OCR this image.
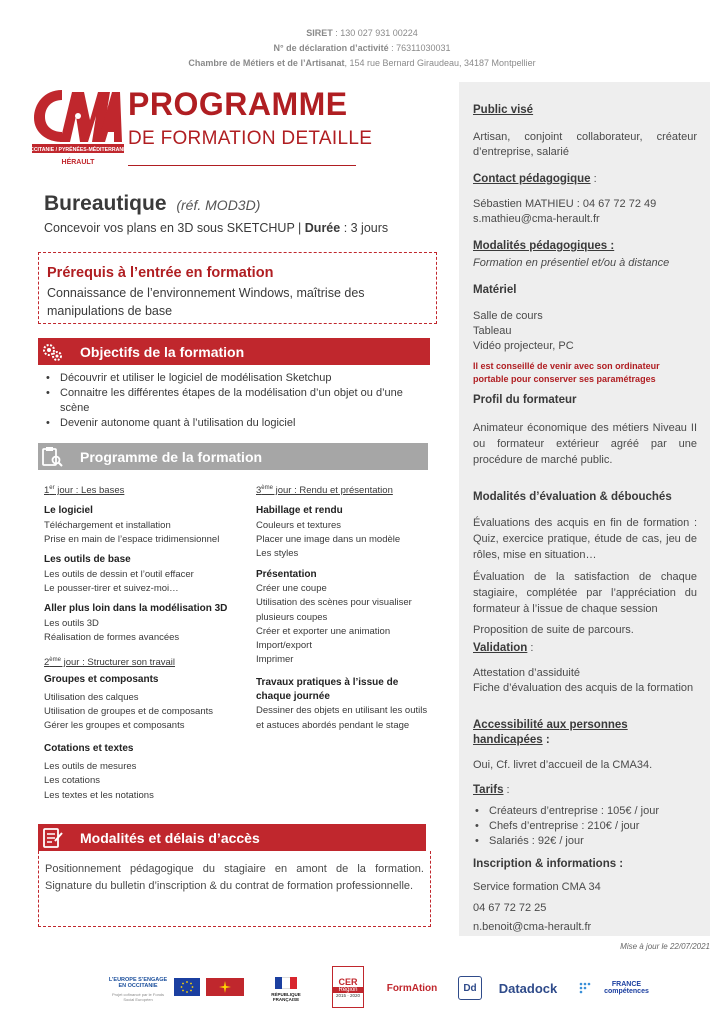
SIRET : 130 027 931 00224
N° de déclaration d’activité : 76311030031
Chambre de Métiers et de l’Artisanat, 154 rue Bernard Giraudeau, 34187 Montpellier
OCCITANIE / PYRÉNÉES-MÉDITERRANÉE
HÉRAULT
PROGRAMME
DE FORMATION DETAILLE
Bureautique (réf. MOD3D)
Concevoir vos plans en 3D sous SKETCHUP | Durée : 3 jours
Prérequis à l’entrée en formation

Connaissance de l’environnement Windows, maîtrise des manipulations de base

Objectifs de la formation
• Découvrir et utiliser le logiciel de modélisation Sketchup
• Connaitre les différentes étapes de la modélisation d’un objet ou d’une scène
• Devenir autonome quant à l’utilisation du logiciel
Programme de la formation
1er jour : Les bases
Le logiciel
Téléchargement et installation
Prise en main de l’espace tridimensionnel
Les outils de base
Les outils de dessin et l’outil effacer
Le pousser-tirer et suivez-moi…
Aller plus loin dans la modélisation 3D
Les outils 3D
Réalisation de formes avancées
2ème jour : Structurer son travail
Groupes et composants
Utilisation des calques
Utilisation de groupes et de composants
Gérer les groupes et composants
Cotations et textes
Les outils de mesures
Les cotations
Les textes et les notations
3ème jour : Rendu et présentation
Habillage et rendu
Couleurs et textures
Placer une image dans un modèle
Les styles
Présentation
Créer une coupe
Utilisation des scènes pour visualiser plusieurs coupes
Créer et exporter une animation
Import/export
Imprimer
Travaux pratiques à l’issue de chaque journée
Dessiner des objets en utilisant les outils et astuces abordés pendant le stage
Modalités et délais d’accès

Positionnement pédagogique du stagiaire en amont de la formation. Signature du bulletin d’inscription & du contrat de formation professionnelle.

Public visé
Artisan, conjoint collaborateur, créateur d’entreprise, salarié
Contact pédagogique :
Sébastien MATHIEU : 04 67 72 72 49
s.mathieu@cma-herault.fr
Modalités pédagogiques :
Formation en présentiel et/ou à distance
Matériel
Salle de cours
Tableau
Vidéo projecteur, PC
Il est conseillé de venir avec son ordinateur portable pour conserver ses paramétrages
Profil du formateur
Animateur économique des métiers Niveau II ou formateur extérieur agréé par une procédure de marché public.
Modalités d’évaluation & débouchés
Évaluations des acquis en fin de formation : Quiz, exercice pratique, étude de cas, jeu de rôles, mise en situation…
Évaluation de la satisfaction de chaque stagiaire, complétée par l’appréciation du formateur à l’issue de chaque session
Proposition de suite de parcours.
Validation :
Attestation d’assiduité
Fiche d’évaluation des acquis de la formation
Accessibilité aux personnes
handicapées :
Oui, Cf. livret d’accueil de la CMA34.
Tarifs :
• Créateurs d’entreprise : 105€ / jour
• Chefs d’entreprise : 210€ / jour
• Salariés : 92€ / jour
Inscription & informations :
Service formation CMA 34
04 67 72 72 25
n.benoit@cma-herault.fr
Mise à jour le 22/07/2021
L’EUROPE S’ENGAGE EN OCCITANIE
Projet cofinancé par le Fonds Social Européen
RÉPUBLIQUE FRANÇAISE
CER
Région
2015 · 2020
FormAtion	Dd	Datadock	FRANCE compétences
